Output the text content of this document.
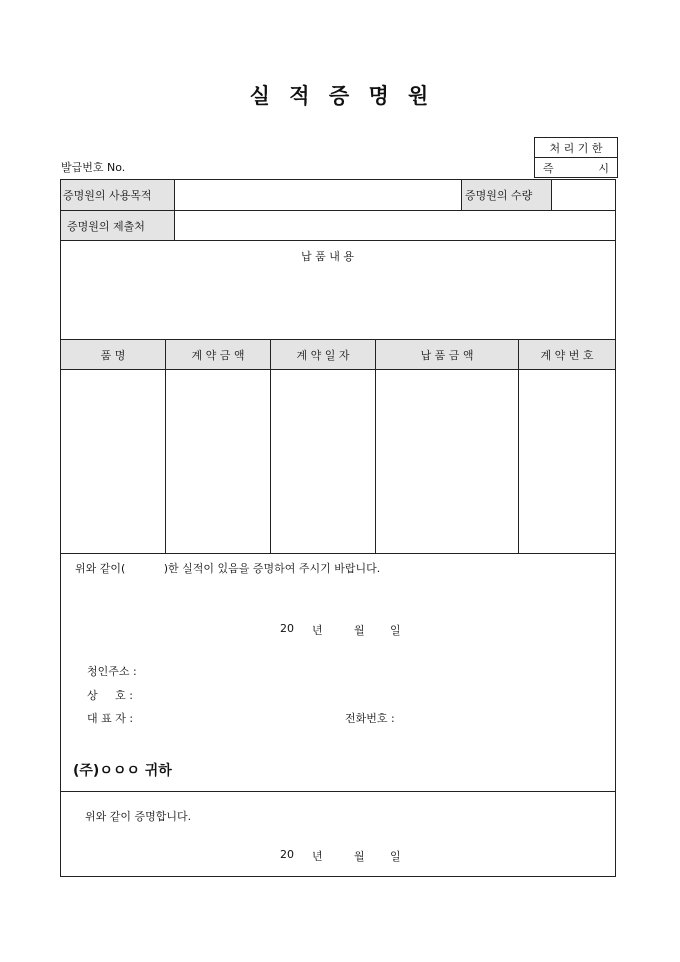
실 적 증 명 원
처 리 기 한
즉	시
발급번호 No.
증명원의 사용목적	증명원의 수량
증명원의 제출처
납 품 내 용
품 명	계 약 금 액	계 약 일 자	납 품 금 액	계 약 번 호
위와 같이(           )한 실적이 있음을 증명하여 주시기 바랍니다.
20 년	월 일
청인주소 :
상     호 :
대 표 자 :	전화번호 :
(주)ㅇㅇㅇ 귀하
위와 같이 증명합니다.
20 년	월 일
